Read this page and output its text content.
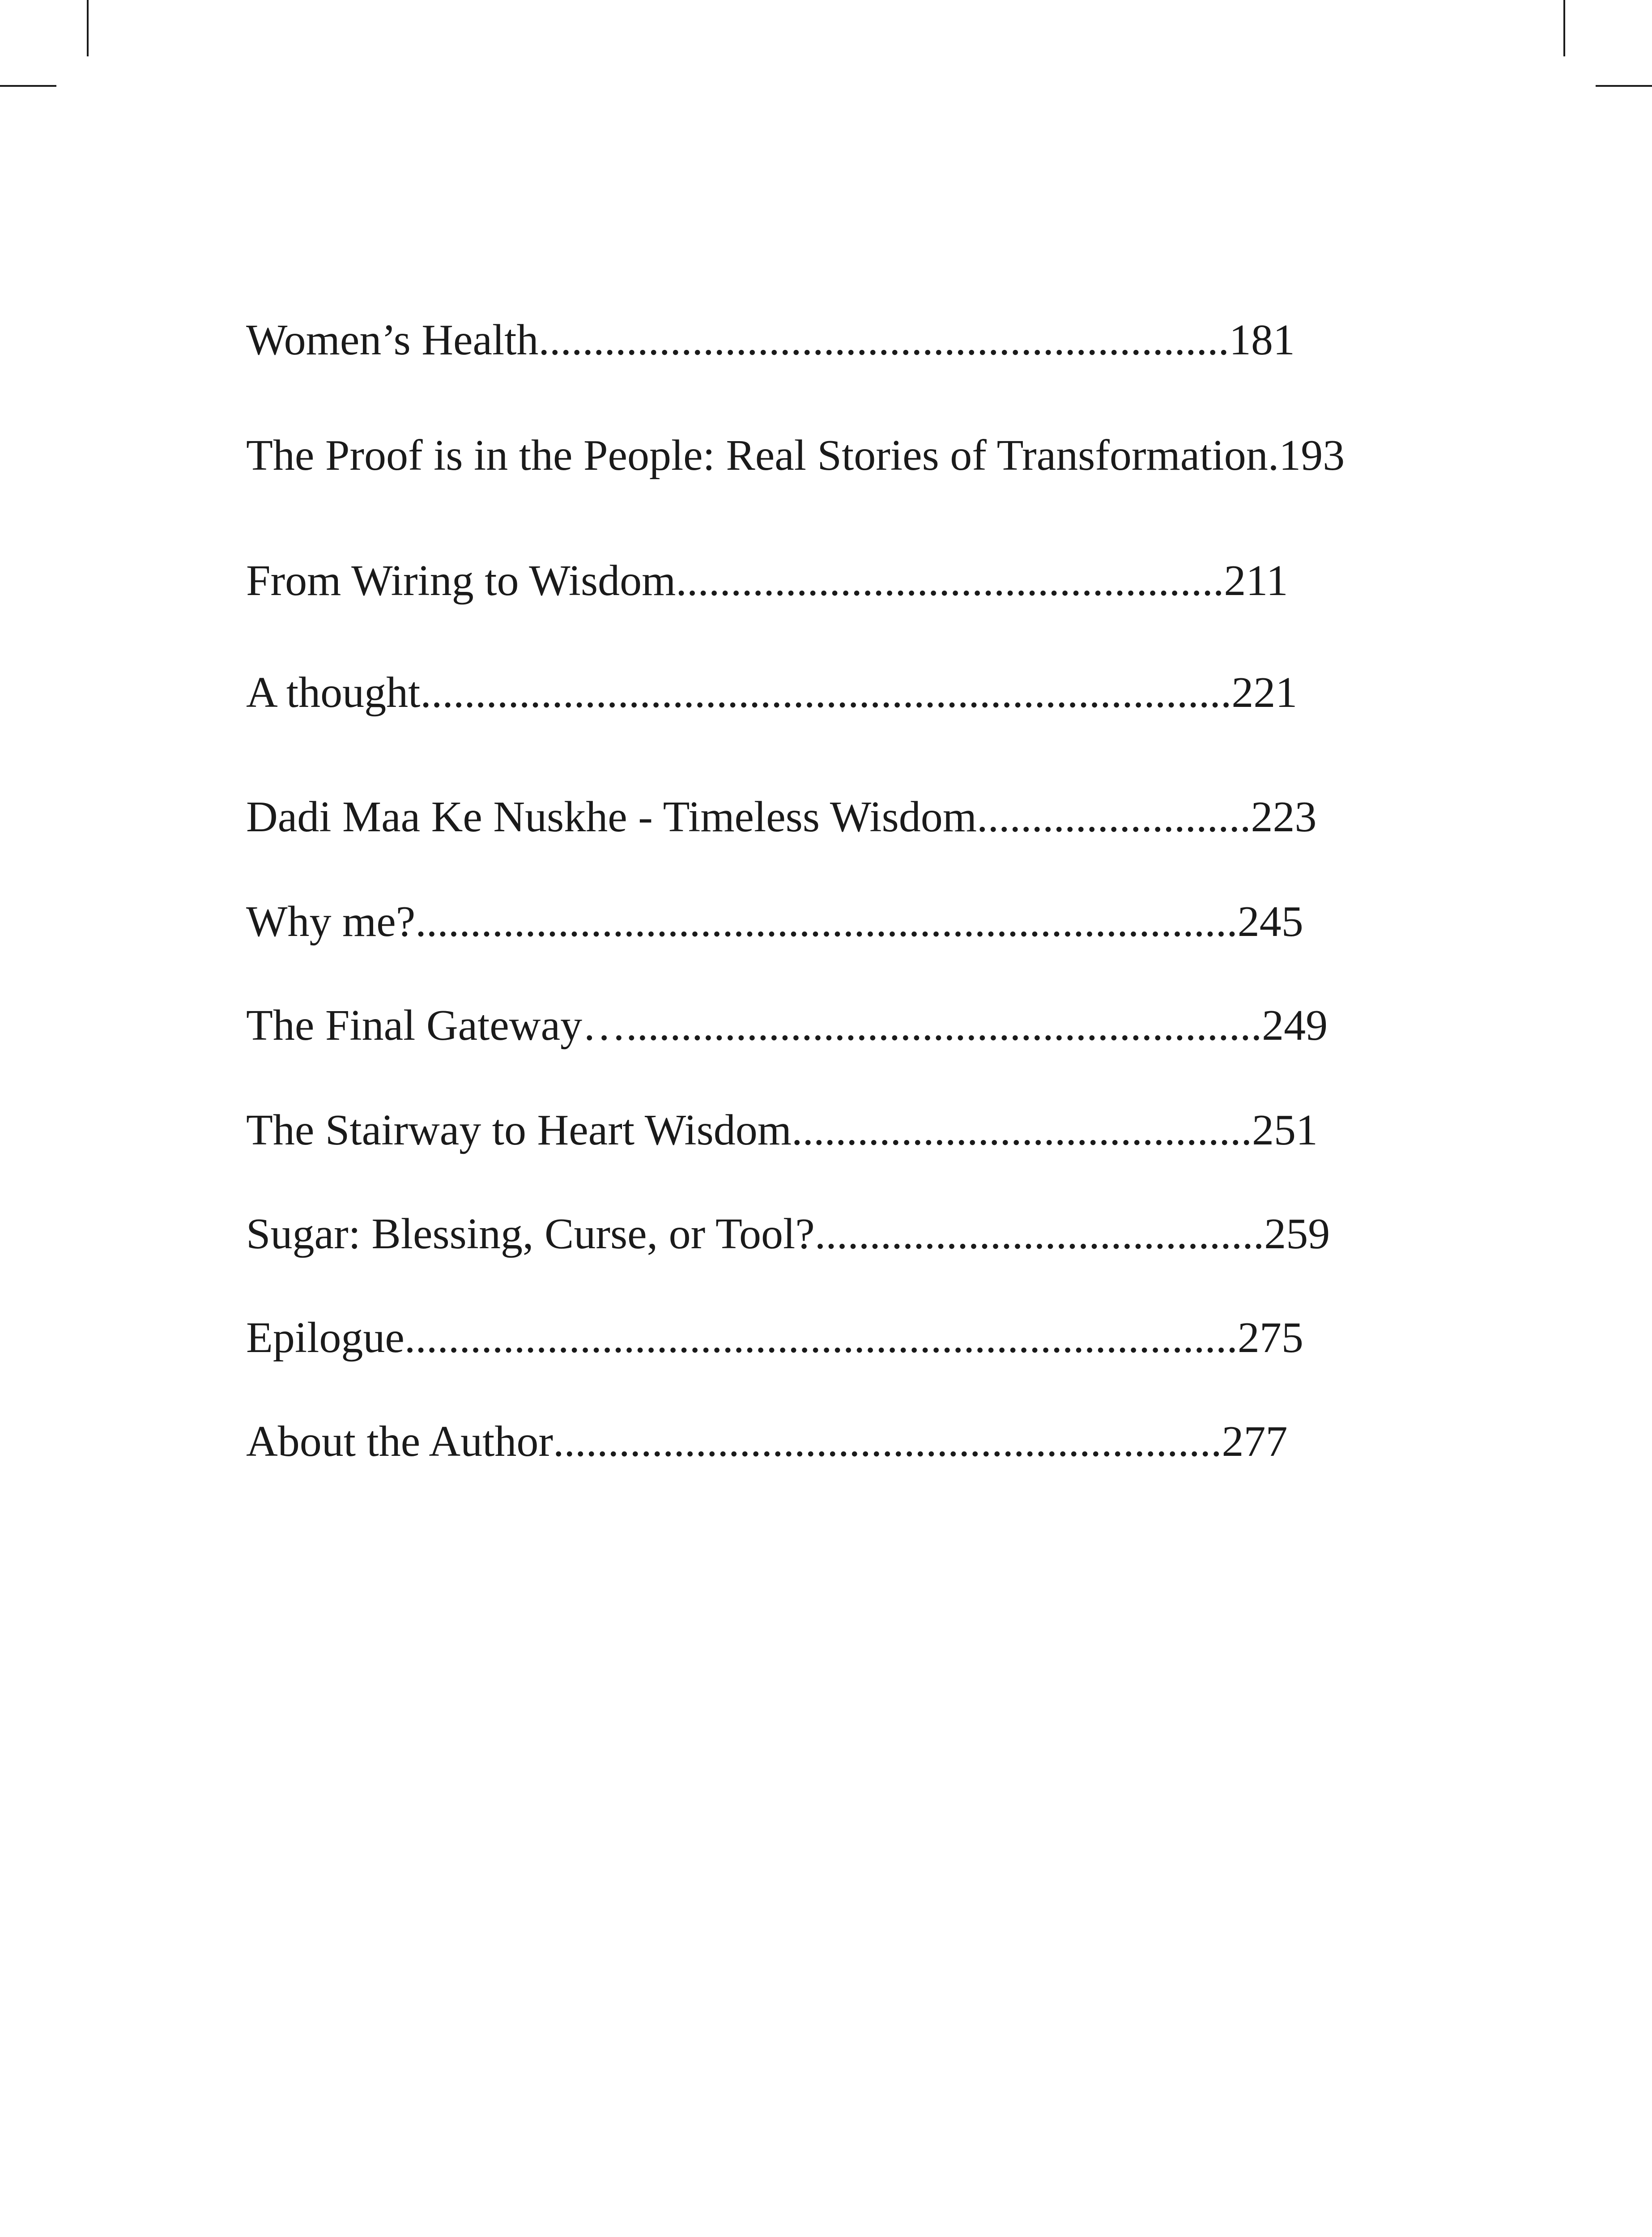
Women’s Health...............................................................181
The Proof is in the People: Real Stories of Transformation.193
From Wiring to Wisdom..................................................211
A thought..........................................................................221
Dadi Maa Ke Nuskhe - Timeless Wisdom.........................223
Why me?...........................................................................245
The Final Gateway…..........................................................249
The Stairway to Heart Wisdom..........................................251
Sugar: Blessing, Curse, or Tool?.........................................259
Epilogue............................................................................275
About the Author.............................................................277
